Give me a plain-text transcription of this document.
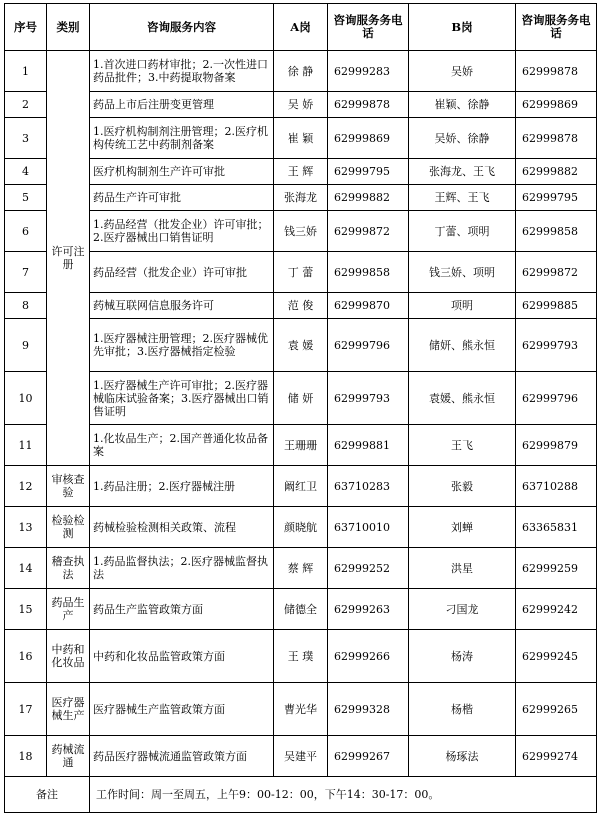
序号	类别	咨询服务内容	A岗	咨询服务务电话	B岗	咨询服务务电话
1	许可注册	1.首次进口药材审批；2.一次性进口药品批件；3.中药提取物备案	徐 静	62999283	吴娇	62999878
2		药品上市后注册变更管理	吴 娇	62999878	崔颖、徐静	62999869
3		1.医疗机构制剂注册管理；2.医疗机构传统工艺中药制剂备案	崔 颖	62999869	吴娇、徐静	62999878
4		医疗机构制剂生产许可审批	王 辉	62999795	张海龙、王飞	62999882
5		药品生产许可审批	张海龙	62999882	王辉、王飞	62999795
6		1.药品经营（批发企业）许可审批；2.医疗器械出口销售证明	钱三娇	62999872	丁蕾、项明	62999858
7		药品经营（批发企业）许可审批	丁 蕾	62999858	钱三娇、项明	62999872
8		药械互联网信息服务许可	范 俊	62999870	项明	62999885
9		1.医疗器械注册管理；2.医疗器械优先审批；3.医疗器械指定检验	袁 媛	62999796	储妍、熊永恒	62999793
10		1.医疗器械生产许可审批；2.医疗器械临床试验备案；3.医疗器械出口销售证明	储 妍	62999793	袁媛、熊永恒	62999796
11		1.化妆品生产；2.国产普通化妆品备案	王珊珊	62999881	王飞	62999879
12	审核查验	1.药品注册；2.医疗器械注册	阚红卫	63710283	张毅	63710288
13	检验检测	药械检验检测相关政策、流程	颜晓航	63710010	刘蝉	63365831
14	稽查执法	1.药品监督执法；2.医疗器械监督执法	蔡 辉	62999252	洪星	62999259
15	药品生产	药品生产监管政策方面	储德全	62999263	刁国龙	62999242
16	中药和化妆品	中药和化妆品监管政策方面	王 璞	62999266	杨涛	62999245
17	医疗器械生产	医疗器械生产监管政策方面	曹光华	62999328	杨楷	62999265
18	药械流通	药品医疗器械流通监管政策方面	吴建平	62999267	杨琢法	62999274
备注		工作时间：周一至周五，上午9：00-12：00，下午14：30-17：00。				
